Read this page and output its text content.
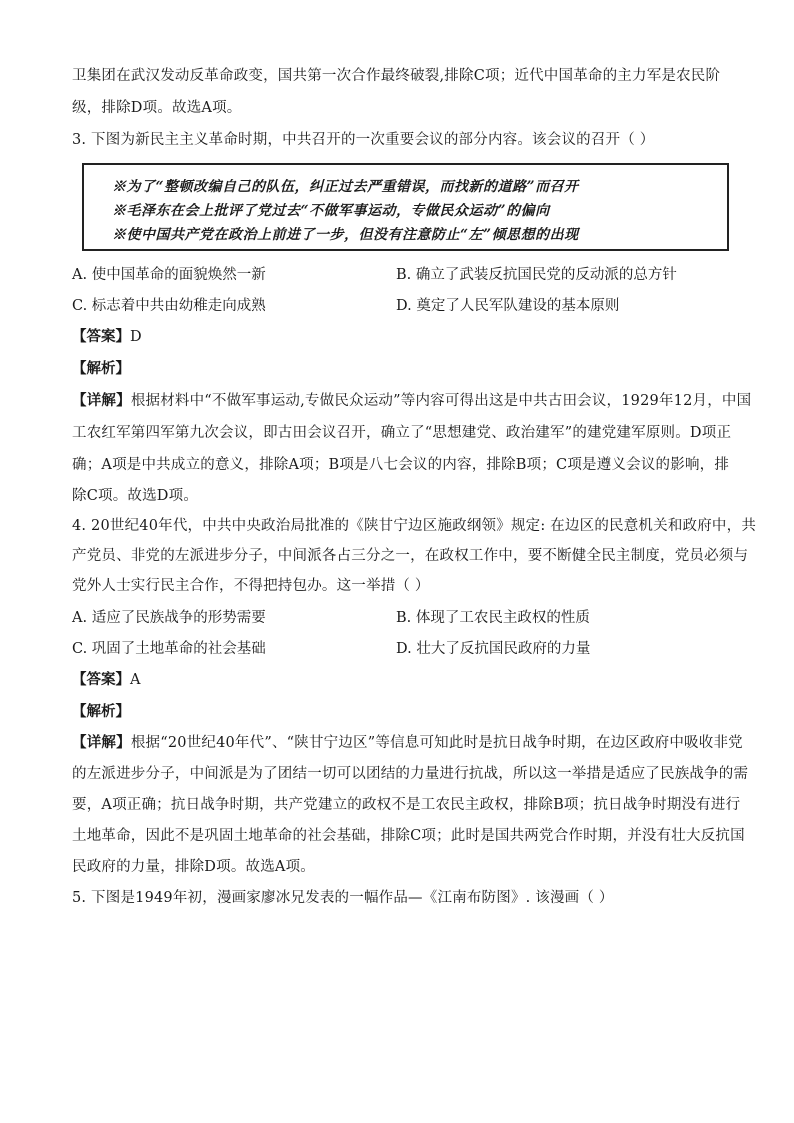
卫集团在武汉发动反革命政变，国共第一次合作最终破裂,排除C项；近代中国革命的主力军是农民阶
级，排除D项。故选A项。
3. 下图为新民主主义革命时期，中共召开的一次重要会议的部分内容。该会议的召开（ ）
※为了“整顿改编自己的队伍，纠正过去严重错误，而找新的道路”而召开
※毛泽东在会上批评了党过去“不做军事运动，专做民众运动”的偏向
※使中国共产党在政治上前进了一步，但没有注意防止“左”倾思想的出现
A. 使中国革命的面貌焕然一新	B. 确立了武装反抗国民党的反动派的总方针
C. 标志着中共由幼稚走向成熟	D. 奠定了人民军队建设的基本原则
【答案】D
【解析】
【详解】根据材料中“不做军事运动,专做民众运动”等内容可得出这是中共古田会议，1929年12月，中国
工农红军第四军第九次会议，即古田会议召开，确立了“思想建党、政治建军”的建党建军原则。D项正
确；A项是中共成立的意义，排除A项；B项是八七会议的内容，排除B项；C项是遵义会议的影响，排
除C项。故选D项。
4. 20世纪40年代，中共中央政治局批准的《陕甘宁边区施政纲领》规定: 在边区的民意机关和政府中，共
产党员、非党的左派进步分子，中间派各占三分之一，在政权工作中，要不断健全民主制度，党员必须与
党外人士实行民主合作，不得把持包办。这一举措（ ）
A. 适应了民族战争的形势需要	B. 体现了工农民主政权的性质
C. 巩固了土地革命的社会基础	D. 壮大了反抗国民政府的力量
【答案】A
【解析】
【详解】根据“20世纪40年代”、“陕甘宁边区”等信息可知此时是抗日战争时期，在边区政府中吸收非党
的左派进步分子，中间派是为了团结一切可以团结的力量进行抗战，所以这一举措是适应了民族战争的需
要，A项正确；抗日战争时期，共产党建立的政权不是工农民主政权，排除B项；抗日战争时期没有进行
土地革命，因此不是巩固土地革命的社会基础，排除C项；此时是国共两党合作时期，并没有壮大反抗国
民政府的力量，排除D项。故选A项。
5. 下图是1949年初，漫画家廖冰兄发表的一幅作品—《江南布防图》. 该漫画（ ）
